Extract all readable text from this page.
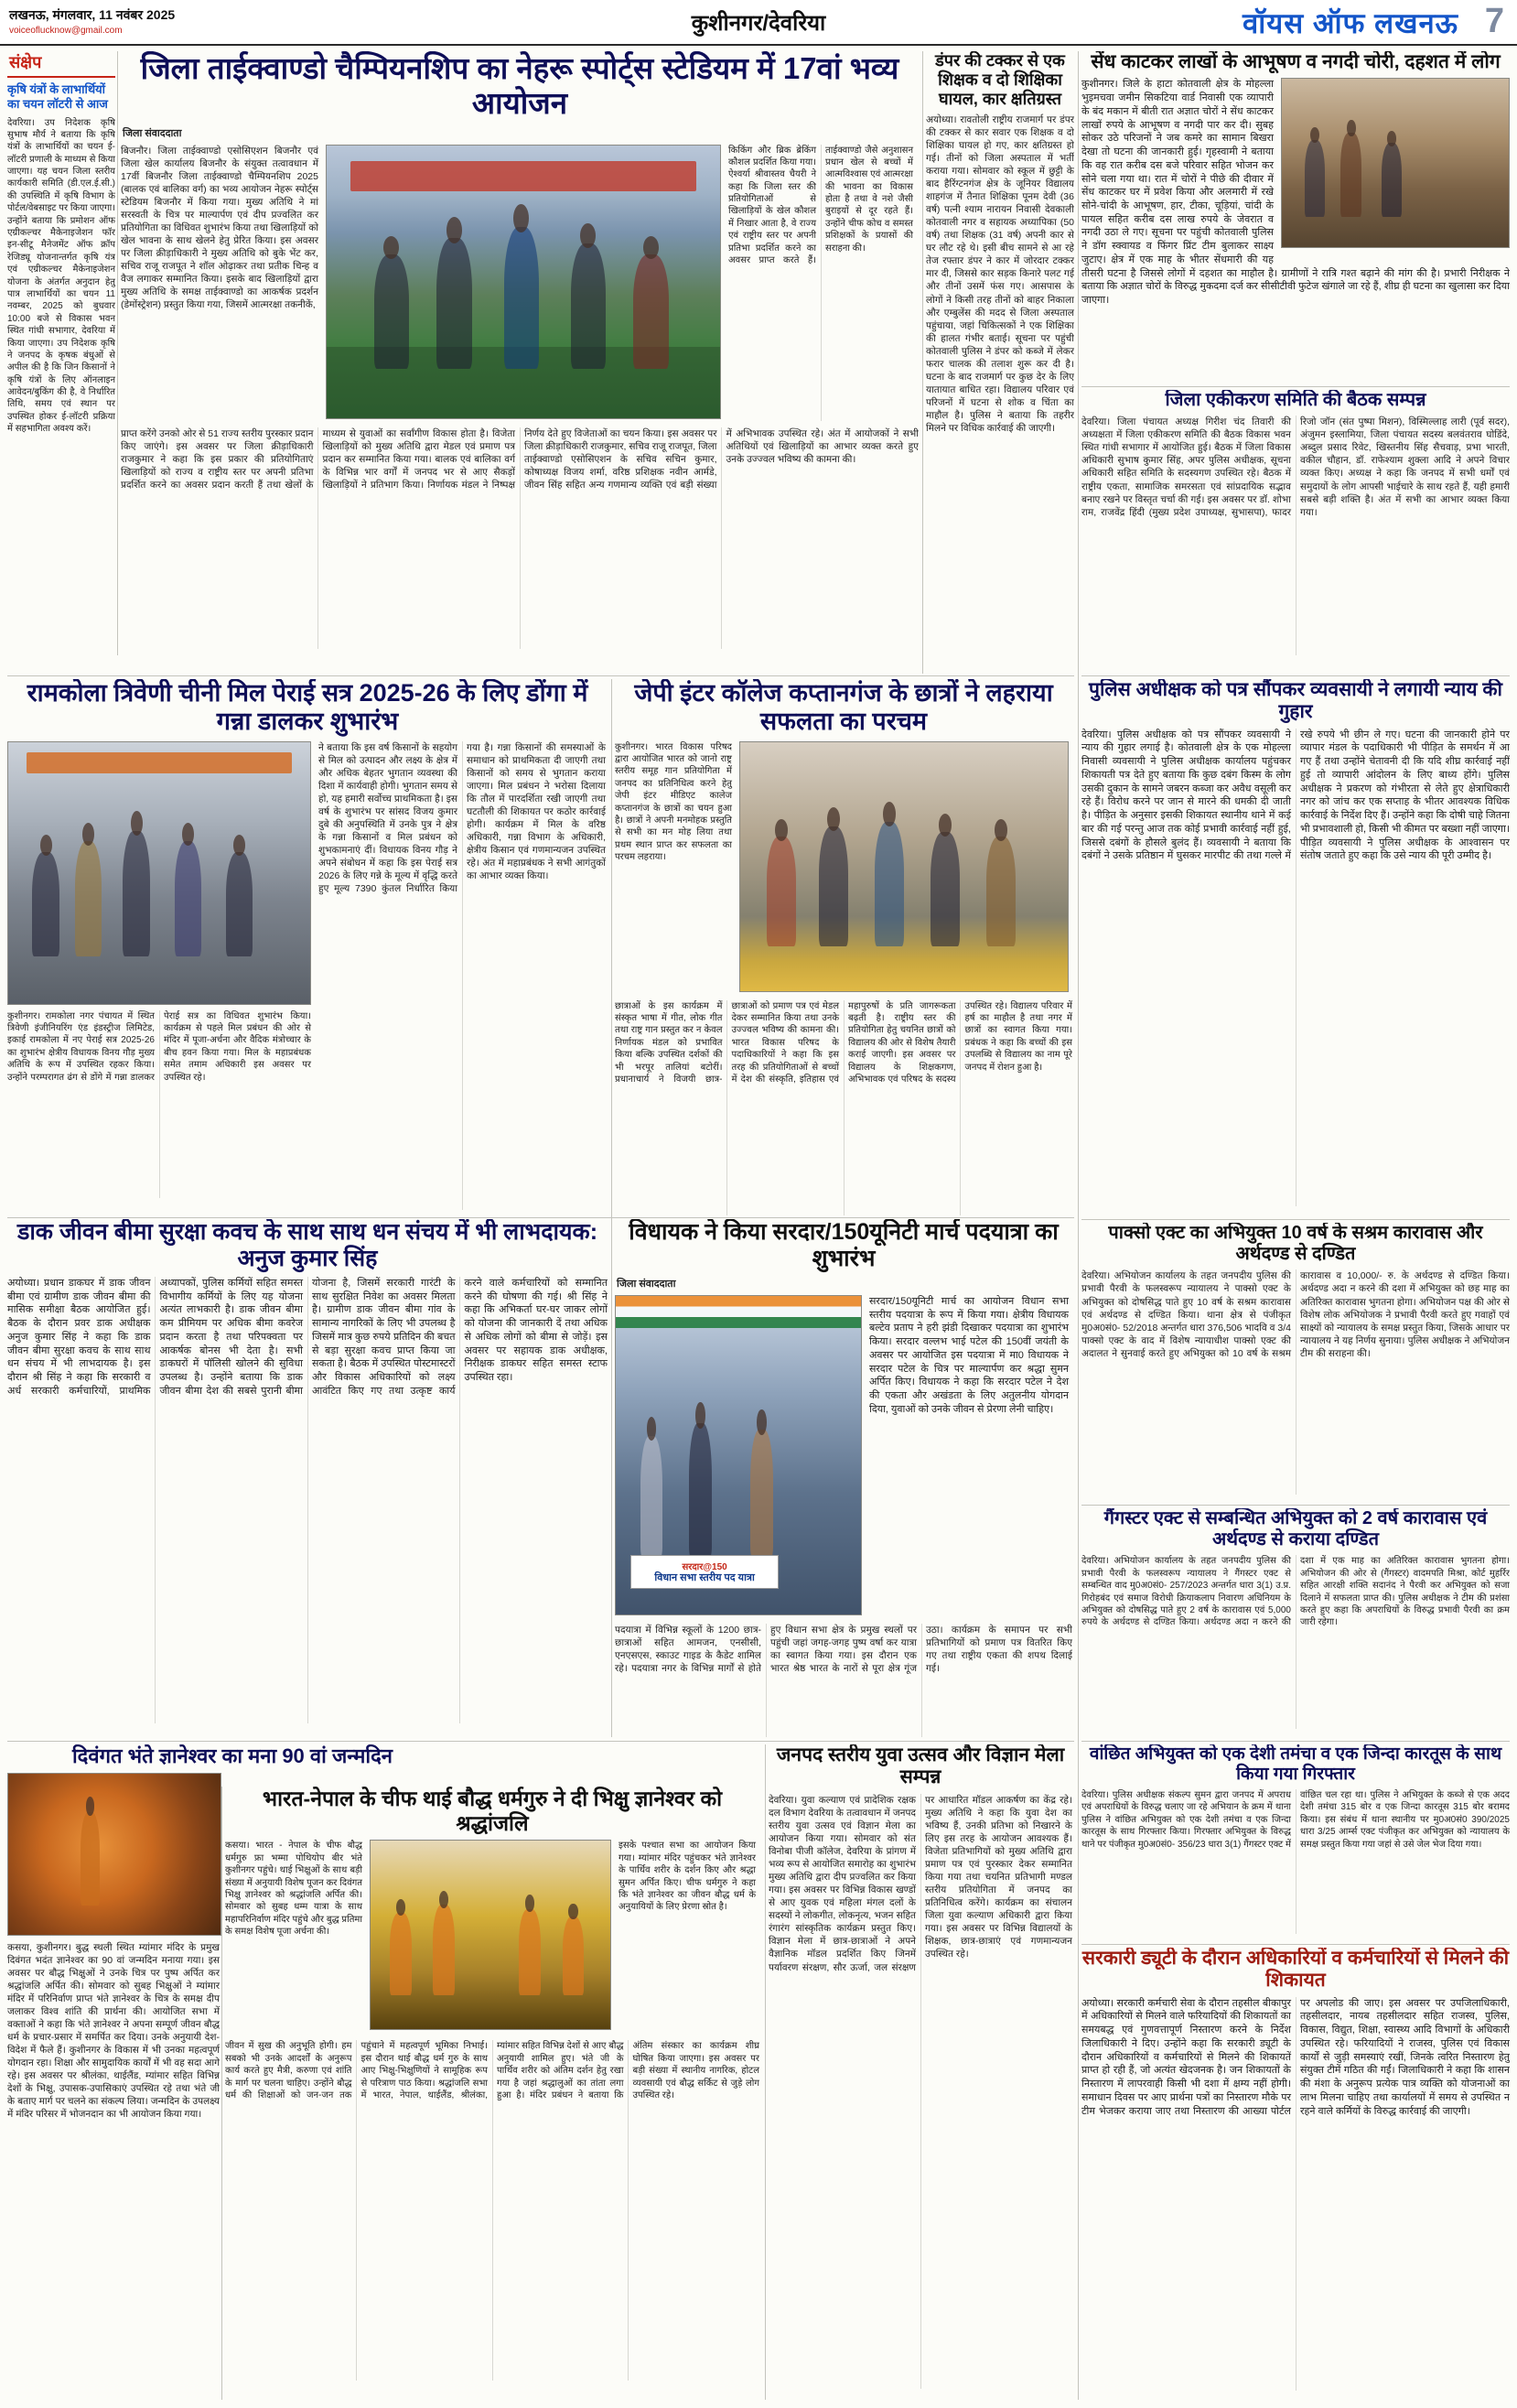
लखनऊ, मंगलवार, 11 नवंबर 2025
voiceoflucknow@gmail.com	कुशीनगर/देवरिया	वॉयस ऑफ लखनऊ 7
संक्षेप
कृषि यंत्रों के लाभार्थियों का चयन लॉटरी से आज
देवरिया। उप निदेशक कृषि सुभाष मौर्य ने बताया कि कृषि यंत्रों के लाभार्थियों का चयन ई-लॉटरी प्रणाली के माध्यम से किया जाएगा। यह चयन जिला स्तरीय कार्यकारी समिति (डी.एल.ई.सी.) की उपस्थिति में कृषि विभाग के पोर्टल/वेबसाइट पर किया जाएगा। उन्होंने बताया कि प्रमोशन ऑफ एग्रीकल्चर मैकेनाइजेशन फॉर इन-सीटू मैनेजमेंट ऑफ क्रॉप रेजिड्यू योजनान्तर्गत कृषि यंत्र एवं एग्रीकल्चर मैकेनाइजेशन योजना के अंतर्गत अनुदान हेतु पात्र लाभार्थियों का चयन 11 नवम्बर, 2025 को बुधवार 10:00 बजे से विकास भवन स्थित गांधी सभागार, देवरिया में किया जाएगा। उप निदेशक कृषि ने जनपद के कृषक बंधुओं से अपील की है कि जिन किसानों ने कृषि यंत्रों के लिए ऑनलाइन आवेदन/बुकिंग की है, वे निर्धारित तिथि, समय एवं स्थान पर उपस्थित होकर ई-लॉटरी प्रक्रिया में सहभागिता अवश्य करें।
जिला ताईक्वाण्डो चैम्पियनशिप का नेहरू स्पोर्ट्स स्टेडियम में 17वां भव्य आयोजन
जिला संवाददाता
बिजनौर। जिला ताईक्वाण्डो एसोसिएशन बिजनौर एवं जिला खेल कार्यालय बिजनौर के संयुक्त तत्वावधान में 17वीं बिजनौर जिला ताईक्वाण्डो चैम्पियनशिप 2025 (बालक एवं बालिका वर्ग) का भव्य आयोजन नेहरू स्पोर्ट्स स्टेडियम बिजनौर में किया गया। मुख्य अतिथि ने मां सरस्वती के चित्र पर माल्यार्पण एवं दीप प्रज्वलित कर प्रतियोगिता का विधिवत शुभारंभ किया तथा खिलाड़ियों को खेल भावना के साथ खेलने हेतु प्रेरित किया। इस अवसर पर जिला क्रीड़ाधिकारी ने मुख्य अतिथि को बुके भेंट कर, सचिव राजू राजपूत ने शॉल ओढ़ाकर तथा प्रतीक चिन्ह व वैज लगाकर सम्मानित किया। इसके बाद खिलाड़ियों द्वारा मुख्य अतिथि के समक्ष ताईक्वाण्डो का आकर्षक प्रदर्शन (डेमोंस्ट्रेशन) प्रस्तुत किया गया, जिसमें आत्मरक्षा तकनीकें,
किकिंग और ब्रिक ब्रेकिंग कौशल प्रदर्शित किया गया। ऐश्वर्या श्रीवास्तव चैयरी ने कहा कि जिला स्तर की प्रतियोगिताओं से खिलाड़ियों के खेल कौशल में निखार आता है, वे राज्य एवं राष्ट्रीय स्तर पर अपनी प्रतिभा प्रदर्शित करने का अवसर प्राप्त करते हैं। ताईक्वाण्डो जैसे अनुशासन प्रधान खेल से बच्चों में आत्मविश्वास एवं आत्मरक्षा की भावना का विकास होता है तथा वे नशे जैसी बुराइयों से दूर रहते हैं। उन्होंने चीफ कोच व समस्त प्रशिक्षकों के प्रयासों की सराहना की।
प्राप्त करेंगे उनको ओर से 51 राज्य स्तरीय पुरस्कार प्रदान किए जाएंगे। इस अवसर पर जिला क्रीड़ाधिकारी राजकुमार ने कहा कि इस प्रकार की प्रतियोगिताएं खिलाड़ियों को राज्य व राष्ट्रीय स्तर पर अपनी प्रतिभा प्रदर्शित करने का अवसर प्रदान करती हैं तथा खेलों के माध्यम से युवाओं का सर्वांगीण विकास होता है। विजेता खिलाड़ियों को मुख्य अतिथि द्वारा मेडल एवं प्रमाण पत्र प्रदान कर सम्मानित किया गया। बालक एवं बालिका वर्ग के विभिन्न भार वर्गों में जनपद भर से आए सैकड़ों खिलाड़ियों ने प्रतिभाग किया। निर्णायक मंडल ने निष्पक्ष निर्णय देते हुए विजेताओं का चयन किया। इस अवसर पर जिला क्रीड़ाधिकारी राजकुमार, सचिव राजू राजपूत, जिला ताईक्वाण्डो एसोसिएशन के सचिव सचिन कुमार, कोषाध्यक्ष विजय शर्मा, वरिष्ठ प्रशिक्षक नवीन आर्मडे, जीवन सिंह सहित अन्य गणमान्य व्यक्ति एवं बड़ी संख्या में अभिभावक उपस्थित रहे। अंत में आयोजकों ने सभी अतिथियों एवं खिलाड़ियों का आभार व्यक्त करते हुए उनके उज्ज्वल भविष्य की कामना की।
डंपर की टक्कर से एक शिक्षक व दो शिक्षिका घायल, कार क्षतिग्रस्त
अयोध्या। रावतोली राष्ट्रीय राजमार्ग पर डंपर की टक्कर से कार सवार एक शिक्षक व दो शिक्षिका घायल हो गए, कार क्षतिग्रस्त हो गई। तीनों को जिला अस्पताल में भर्ती कराया गया। सोमवार को स्कूल में छुट्टी के बाद हैरिंग्टनगंज क्षेत्र के जूनियर विद्यालय शाहगंज में तैनात शिक्षिका पूनम देवी (36 वर्ष) पत्नी श्याम नारायन निवासी देवकाली कोतवाली नगर व सहायक अध्यापिका (50 वर्ष) तथा शिक्षक (31 वर्ष) अपनी कार से घर लौट रहे थे। इसी बीच सामने से आ रहे तेज रफ्तार डंपर ने कार में जोरदार टक्कर मार दी, जिससे कार सड़क किनारे पलट गई और तीनों उसमें फंस गए। आसपास के लोगों ने किसी तरह तीनों को बाहर निकाला और एम्बुलेंस की मदद से जिला अस्पताल पहुंचाया, जहां चिकित्सकों ने एक शिक्षिका की हालत गंभीर बताई। सूचना पर पहुंची कोतवाली पुलिस ने डंपर को कब्जे में लेकर फरार चालक की तलाश शुरू कर दी है। घटना के बाद राजमार्ग पर कुछ देर के लिए यातायात बाधित रहा। विद्यालय परिवार एवं परिजनों में घटना से शोक व चिंता का माहौल है। पुलिस ने बताया कि तहरीर मिलने पर विधिक कार्रवाई की जाएगी।
सेंध काटकर लाखों के आभूषण व नगदी चोरी, दहशत में लोग
कुशीनगर। जिले के हाटा कोतवाली क्षेत्र के मोहल्ला भुइमचवा जमीन सिकटिया वार्ड निवासी एक व्यापारी के बंद मकान में बीती रात अज्ञात चोरों ने सेंध काटकर लाखों रुपये के आभूषण व नगदी पार कर दी। सुबह सोकर उठे परिजनों ने जब कमरे का सामान बिखरा देखा तो घटना की जानकारी हुई। गृहस्वामी ने बताया कि वह रात करीब दस बजे परिवार सहित भोजन कर सोने चला गया था। रात में चोरों ने पीछे की दीवार में सेंध काटकर घर में प्रवेश किया और अलमारी में रखे सोने-चांदी के आभूषण, हार, टीका, चूड़ियां, चांदी के पायल सहित करीब दस लाख रुपये के जेवरात व नगदी उठा ले गए। सूचना पर पहुंची कोतवाली पुलिस ने डॉग स्क्वायड व फिंगर प्रिंट टीम बुलाकर साक्ष्य जुटाए। क्षेत्र में एक माह के भीतर सेंधमारी की यह तीसरी घटना है जिससे लोगों में दहशत का माहौल है। ग्रामीणों ने रात्रि गश्त बढ़ाने की मांग की है। प्रभारी निरीक्षक ने बताया कि अज्ञात चोरों के विरुद्ध मुकदमा दर्ज कर सीसीटीवी फुटेज खंगाले जा रहे हैं, शीघ्र ही घटना का खुलासा कर दिया जाएगा।
जिला एकीकरण समिति की बैठक सम्पन्न
देवरिया। जिला पंचायत अध्यक्ष गिरीश चंद तिवारी की अध्यक्षता में जिला एकीकरण समिति की बैठक विकास भवन स्थित गांधी सभागार में आयोजित हुई। बैठक में जिला विकास अधिकारी सुभाष कुमार सिंह, अपर पुलिस अधीक्षक, सूचना अधिकारी सहित समिति के सदस्यगण उपस्थित रहे। बैठक में राष्ट्रीय एकता, सामाजिक समरसता एवं सांप्रदायिक सद्भाव बनाए रखने पर विस्तृत चर्चा की गई। इस अवसर पर डॉ. शोभा राम, राजवेंद्र हिंदी (मुख्य प्रदेश उपाध्यक्ष, सुभासपा), फादर रिजो जॉन (संत पुष्पा मिशन), विस्मिल्लाह लारी (पूर्व सदर), अंजुमन इस्लामिया, जिला पंचायत सदस्य बलवंतराव घोडिंदे, अब्दुल प्रसाद रिवेट, खिस्तनीय सिंह सैचवाड़, प्रभा भारती, वकील चौहान, डॉ. राफेश्याम शुक्ला आदि ने अपने विचार व्यक्त किए। अध्यक्ष ने कहा कि जनपद में सभी धर्मों एवं समुदायों के लोग आपसी भाईचारे के साथ रहते हैं, यही हमारी सबसे बड़ी शक्ति है। अंत में सभी का आभार व्यक्त किया गया।
पुलिस अधीक्षक को पत्र सौंपकर व्यवसायी ने लगायी न्याय की गुहार
देवरिया। पुलिस अधीक्षक को पत्र सौंपकर व्यवसायी ने न्याय की गुहार लगाई है। कोतवाली क्षेत्र के एक मोहल्ला निवासी व्यवसायी ने पुलिस अधीक्षक कार्यालय पहुंचकर शिकायती पत्र देते हुए बताया कि कुछ दबंग किस्म के लोग उसकी दुकान के सामने जबरन कब्जा कर अवैध वसूली कर रहे हैं। विरोध करने पर जान से मारने की धमकी दी जाती है। पीड़ित के अनुसार इसकी शिकायत स्थानीय थाने में कई बार की गई परन्तु आज तक कोई प्रभावी कार्रवाई नहीं हुई, जिससे दबंगों के हौसले बुलंद हैं। व्यवसायी ने बताया कि दबंगों ने उसके प्रतिष्ठान में घुसकर मारपीट की तथा गल्ले में रखे रुपये भी छीन ले गए। घटना की जानकारी होने पर व्यापार मंडल के पदाधिकारी भी पीड़ित के समर्थन में आ गए हैं तथा उन्होंने चेतावनी दी कि यदि शीघ्र कार्रवाई नहीं हुई तो व्यापारी आंदोलन के लिए बाध्य होंगे। पुलिस अधीक्षक ने प्रकरण को गंभीरता से लेते हुए क्षेत्राधिकारी नगर को जांच कर एक सप्ताह के भीतर आवश्यक विधिक कार्रवाई के निर्देश दिए हैं। उन्होंने कहा कि दोषी चाहे जितना भी प्रभावशाली हो, किसी भी कीमत पर बख्शा नहीं जाएगा। पीड़ित व्यवसायी ने पुलिस अधीक्षक के आश्वासन पर संतोष जताते हुए कहा कि उसे न्याय की पूरी उम्मीद है।
पाक्सो एक्ट का अभियुक्त 10 वर्ष के सश्रम कारावास और अर्थदण्ड से दण्डित
देवरिया। अभियोजन कार्यालय के तहत जनपदीय पुलिस की प्रभावी पैरवी के फलस्वरूप न्यायालय ने पाक्सो एक्ट के अभियुक्त को दोषसिद्ध पाते हुए 10 वर्ष के सश्रम कारावास एवं अर्थदण्ड से दण्डित किया। थाना क्षेत्र से पंजीकृत मु0अ0सं0- 52/2018 अन्तर्गत धारा 376,506 भादवि व 3/4 पाक्सो एक्ट के वाद में विशेष न्यायाधीश पाक्सो एक्ट की अदालत ने सुनवाई करते हुए अभियुक्त को 10 वर्ष के सश्रम कारावास व 10,000/- रु. के अर्थदण्ड से दण्डित किया। अर्थदण्ड अदा न करने की दशा में अभियुक्त को छह माह का अतिरिक्त कारावास भुगतना होगा। अभियोजन पक्ष की ओर से विशेष लोक अभियोजक ने प्रभावी पैरवी करते हुए गवाहों एवं साक्ष्यों को न्यायालय के समक्ष प्रस्तुत किया, जिसके आधार पर न्यायालय ने यह निर्णय सुनाया। पुलिस अधीक्षक ने अभियोजन टीम की सराहना की।
गैंगस्टर एक्ट से सम्बन्धित अभियुक्त को 2 वर्ष कारावास एवं अर्थदण्ड से कराया दण्डित
देवरिया। अभियोजन कार्यालय के तहत जनपदीय पुलिस की प्रभावी पैरवी के फलस्वरूप न्यायालय ने गैंगस्टर एक्ट से सम्बन्धित वाद मु0अ0सं0- 257/2023 अन्तर्गत धारा 3(1) उ.प्र. गिरोहबंद एवं समाज विरोधी क्रियाकलाप निवारण अधिनियम के अभियुक्त को दोषसिद्ध पाते हुए 2 वर्ष के कारावास एवं 5,000 रुपये के अर्थदण्ड से दण्डित किया। अर्थदण्ड अदा न करने की दशा में एक माह का अतिरिक्त कारावास भुगतना होगा। अभियोजन की ओर से (गैंगस्टर) वादमपति मिश्रा, कोर्ट मुहर्रिर सहित आरक्षी शक्ति सदानंद ने पैरवी कर अभियुक्त को सजा दिलाने में सफलता प्राप्त की। पुलिस अधीक्षक ने टीम की प्रशंसा करते हुए कहा कि अपराधियों के विरुद्ध प्रभावी पैरवी का क्रम जारी रहेगा।
वांछित अभियुक्त को एक देशी तमंचा व एक जिन्दा कारतूस के साथ किया गया गिरफ्तार
देवरिया। पुलिस अधीक्षक संकल्प सुमन द्वारा जनपद में अपराध एवं अपराधियों के विरुद्ध चलाए जा रहे अभियान के क्रम में थाना पुलिस ने वांछित अभियुक्त को एक देशी तमंचा व एक जिन्दा कारतूस के साथ गिरफ्तार किया। गिरफ्तार अभियुक्त के विरुद्ध थाने पर पंजीकृत मु0अ0सं0- 356/23 धारा 3(1) गैंगस्टर एक्ट में वांछित चल रहा था। पुलिस ने अभियुक्त के कब्जे से एक अदद देशी तमंचा 315 बोर व एक जिन्दा कारतूस 315 बोर बरामद किया। इस संबंध में थाना स्थानीय पर मु0अ0सं0 390/2025 धारा 3/25 आर्म्स एक्ट पंजीकृत कर अभियुक्त को न्यायालय के समक्ष प्रस्तुत किया गया जहां से उसे जेल भेज दिया गया।
सरकारी ड्यूटी के दौरान अधिकारियों व कर्मचारियों से मिलने की शिकायत
अयोध्या। सरकारी कर्मचारी सेवा के दौरान तहसील बीकापुर में अधिकारियों से मिलने वाले फरियादियों की शिकायतों का समयबद्ध एवं गुणवत्तापूर्ण निस्तारण करने के निर्देश जिलाधिकारी ने दिए। उन्होंने कहा कि सरकारी ड्यूटी के दौरान अधिकारियों व कर्मचारियों से मिलने की शिकायतें प्राप्त हो रही हैं, जो अत्यंत खेदजनक है। जन शिकायतों के निस्तारण में लापरवाही किसी भी दशा में क्षम्य नहीं होगी। समाधान दिवस पर आए प्रार्थना पत्रों का निस्तारण मौके पर टीम भेजकर कराया जाए तथा निस्तारण की आख्या पोर्टल पर अपलोड की जाए। इस अवसर पर उपजिलाधिकारी, तहसीलदार, नायब तहसीलदार सहित राजस्व, पुलिस, विकास, विद्युत, शिक्षा, स्वास्थ्य आदि विभागों के अधिकारी उपस्थित रहे। फरियादियों ने राजस्व, पुलिस एवं विकास कार्यों से जुड़ी समस्याएं रखीं, जिनके त्वरित निस्तारण हेतु संयुक्त टीमें गठित की गईं। जिलाधिकारी ने कहा कि शासन की मंशा के अनुरूप प्रत्येक पात्र व्यक्ति को योजनाओं का लाभ मिलना चाहिए तथा कार्यालयों में समय से उपस्थित न रहने वाले कर्मियों के विरुद्ध कार्रवाई की जाएगी।
रामकोला त्रिवेणी चीनी मिल पेराई सत्र 2025-26 के लिए डोंगा में गन्ना डालकर शुभारंभ
कुशीनगर। रामकोला नगर पंचायत में स्थित त्रिवेणी इंजीनियरिंग एंड इंडस्ट्रीज लिमिटेड, इकाई रामकोला में नए पेराई सत्र 2025-26 का शुभारंभ क्षेत्रीय विधायक विनय गौड़ मुख्य अतिथि के रूप में उपस्थित रहकर किया। उन्होंने परम्परागत ढंग से डोंगे में गन्ना डालकर पेराई सत्र का विधिवत शुभारंभ किया। कार्यक्रम से पहले मिल प्रबंधन की ओर से मंदिर में पूजा-अर्चना और वैदिक मंत्रोच्चार के बीच हवन किया गया। मिल के महाप्रबंधक समेत तमाम अधिकारी इस अवसर पर उपस्थित रहे।
ने बताया कि इस वर्ष किसानों के सहयोग से मिल को उत्पादन और लक्ष्य के क्षेत्र में और अधिक बेहतर भुगतान व्यवस्था की दिशा में कार्यवाही होगी। भुगतान समय से हो, यह हमारी सर्वोच्च प्राथमिकता है। इस वर्ष के शुभारंभ पर सांसद विजय कुमार दुबे की अनुपस्थिति में उनके पुत्र ने क्षेत्र के गन्ना किसानों व मिल प्रबंधन को शुभकामनाएं दीं। विधायक विनय गौड़ ने अपने संबोधन में कहा कि इस पेराई सत्र 2026 के लिए गन्ने के मूल्य में वृद्धि करते हुए मूल्य 7390 कुंतल निर्धारित किया गया है। गन्ना किसानों की समस्याओं के समाधान को प्राथमिकता दी जाएगी तथा किसानों को समय से भुगतान कराया जाएगा। मिल प्रबंधन ने भरोसा दिलाया कि तौल में पारदर्शिता रखी जाएगी तथा घटतौली की शिकायत पर कठोर कार्रवाई होगी। कार्यक्रम में मिल के वरिष्ठ अधिकारी, गन्ना विभाग के अधिकारी, क्षेत्रीय किसान एवं गणमान्यजन उपस्थित रहे। अंत में महाप्रबंधक ने सभी आगंतुकों का आभार व्यक्त किया।
जेपी इंटर कॉलेज कप्तानगंज के छात्रों ने लहराया सफलता का परचम
कुशीनगर। भारत विकास परिषद द्वारा आयोजित भारत को जानो राष्ट्र स्तरीय समूह गान प्रतियोगिता में जनपद का प्रतिनिधित्व करने हेतु जेपी इंटर मीडिएट कालेज कप्तानगंज के छात्रों का चयन हुआ है। छात्रों ने अपनी मनमोहक प्रस्तुति से सभी का मन मोह लिया तथा प्रथम स्थान प्राप्त कर सफलता का परचम लहराया।
छात्राओं के इस कार्यक्रम में संस्कृत भाषा में गीत, लोक गीत तथा राष्ट्र गान प्रस्तुत कर न केवल निर्णायक मंडल को प्रभावित किया बल्कि उपस्थित दर्शकों की भी भरपूर तालियां बटोरीं। प्रधानाचार्य ने विजयी छात्र-छात्राओं को प्रमाण पत्र एवं मेडल देकर सम्मानित किया तथा उनके उज्ज्वल भविष्य की कामना की। भारत विकास परिषद के पदाधिकारियों ने कहा कि इस तरह की प्रतियोगिताओं से बच्चों में देश की संस्कृति, इतिहास एवं महापुरुषों के प्रति जागरूकता बढ़ती है। राष्ट्रीय स्तर की प्रतियोगिता हेतु चयनित छात्रों को विद्यालय की ओर से विशेष तैयारी कराई जाएगी। इस अवसर पर विद्यालय के शिक्षकगण, अभिभावक एवं परिषद के सदस्य उपस्थित रहे। विद्यालय परिवार में हर्ष का माहौल है तथा नगर में छात्रों का स्वागत किया गया। प्रबंधक ने कहा कि बच्चों की इस उपलब्धि से विद्यालय का नाम पूरे जनपद में रोशन हुआ है।
डाक जीवन बीमा सुरक्षा कवच के साथ साथ धन संचय में भी लाभदायक: अनुज कुमार सिंह
अयोध्या। प्रधान डाकघर में डाक जीवन बीमा एवं ग्रामीण डाक जीवन बीमा की मासिक समीक्षा बैठक आयोजित हुई। बैठक के दौरान प्रवर डाक अधीक्षक अनुज कुमार सिंह ने कहा कि डाक जीवन बीमा सुरक्षा कवच के साथ साथ धन संचय में भी लाभदायक है। इस दौरान श्री सिंह ने कहा कि सरकारी व अर्ध सरकारी कर्मचारियों, प्राथमिक अध्यापकों, पुलिस कर्मियों सहित समस्त विभागीय कर्मियों के लिए यह योजना अत्यंत लाभकारी है। डाक जीवन बीमा कम प्रीमियम पर अधिक बीमा कवरेज प्रदान करता है तथा परिपक्वता पर आकर्षक बोनस भी देता है। सभी डाकघरों में पॉलिसी खोलने की सुविधा उपलब्ध है। उन्होंने बताया कि डाक जीवन बीमा देश की सबसे पुरानी बीमा योजना है, जिसमें सरकारी गारंटी के साथ सुरक्षित निवेश का अवसर मिलता है। ग्रामीण डाक जीवन बीमा गांव के सामान्य नागरिकों के लिए भी उपलब्ध है जिसमें मात्र कुछ रुपये प्रतिदिन की बचत से बड़ा सुरक्षा कवच प्राप्त किया जा सकता है। बैठक में उपस्थित पोस्टमास्टरों और विकास अधिकारियों को लक्ष्य आवंटित किए गए तथा उत्कृष्ट कार्य करने वाले कर्मचारियों को सम्मानित करने की घोषणा की गई। श्री सिंह ने कहा कि अभिकर्ता घर-घर जाकर लोगों को योजना की जानकारी दें तथा अधिक से अधिक लोगों को बीमा से जोड़ें। इस अवसर पर सहायक डाक अधीक्षक, निरीक्षक डाकघर सहित समस्त स्टाफ उपस्थित रहा।
विधायक ने किया सरदार/150यूनिटी मार्च पदयात्रा का शुभारंभ
जिला संवाददाता
सरदार@150
विधान सभा स्तरीय पद यात्रा
सरदार/150यूनिटी मार्च का आयोजन विधान सभा स्तरीय पदयात्रा के रूप में किया गया। क्षेत्रीय विधायक बल्टेव प्रताप ने हरी झंडी दिखाकर पदयात्रा का शुभारंभ किया। सरदार वल्लभ भाई पटेल की 150वीं जयंती के अवसर पर आयोजित इस पदयात्रा में मा0 विधायक ने सरदार पटेल के चित्र पर माल्यार्पण कर श्रद्धा सुमन अर्पित किए। विधायक ने कहा कि सरदार पटेल ने देश की एकता और अखंडता के लिए अतुलनीय योगदान दिया, युवाओं को उनके जीवन से प्रेरणा लेनी चाहिए।
पदयात्रा में विभिन्न स्कूलों के 1200 छात्र-छात्राओं सहित आमजन, एनसीसी, एनएसएस, स्काउट गाइड के कैडेट शामिल रहे। पदयात्रा नगर के विभिन्न मार्गों से होते हुए विधान सभा क्षेत्र के प्रमुख स्थलों पर पहुंची जहां जगह-जगह पुष्प वर्षा कर यात्रा का स्वागत किया गया। इस दौरान एक भारत श्रेष्ठ भारत के नारों से पूरा क्षेत्र गूंज उठा। कार्यक्रम के समापन पर सभी प्रतिभागियों को प्रमाण पत्र वितरित किए गए तथा राष्ट्रीय एकता की शपथ दिलाई गई।
दिवंगत भंते ज्ञानेश्वर का मना 90 वां जन्मदिन
कसया, कुशीनगर। बुद्ध स्थली स्थित म्यांमार मंदिर के प्रमुख दिवंगत भदंत ज्ञानेश्वर का 90 वां जन्मदिन मनाया गया। इस अवसर पर बौद्ध भिक्षुओं ने उनके चित्र पर पुष्प अर्पित कर श्रद्धांजलि अर्पित की। सोमवार को सुबह भिक्षुओं ने म्यांमार मंदिर में परिनिर्वाण प्राप्त भंते ज्ञानेश्वर के चित्र के समक्ष दीप जलाकर विश्व शांति की प्रार्थना की। आयोजित सभा में वक्ताओं ने कहा कि भंते ज्ञानेश्वर ने अपना सम्पूर्ण जीवन बौद्ध धर्म के प्रचार-प्रसार में समर्पित कर दिया। उनके अनुयायी देश-विदेश में फैले हैं। कुशीनगर के विकास में भी उनका महत्वपूर्ण योगदान रहा। शिक्षा और सामुदायिक कार्यों में भी वह सदा आगे रहे। इस अवसर पर श्रीलंका, थाईलैंड, म्यांमार सहित विभिन्न देशों के भिक्षु, उपासक-उपासिकाएं उपस्थित रहे तथा भंते जी के बताए मार्ग पर चलने का संकल्प लिया। जन्मदिन के उपलक्ष्य में मंदिर परिसर में भोजनदान का भी आयोजन किया गया।
भारत-नेपाल के चीफ थाई बौद्ध धर्मगुरु ने दी भिक्षु ज्ञानेश्वर को श्रद्धांजलि
कसया। भारत - नेपाल के चीफ बौद्ध धर्मगुरु फ्रा भम्मा पोथियोप बीर भंते कुशीनगर पहुंचे। थाई भिक्षुओं के साथ बड़ी संख्या में अनुयायी विशेष पूजन कर दिवंगत भिक्षु ज्ञानेश्वर को श्रद्धांजलि अर्पित की। सोमवार को सुबह धम्म यात्रा के साथ महापरिनिर्वाण मंदिर पहुंचे और बुद्ध प्रतिमा के समक्ष विशेष पूजा अर्चना की।
इसके पश्चात सभा का आयोजन किया गया। म्यांमार मंदिर पहुंचकर भंते ज्ञानेश्वर के पार्थिव शरीर के दर्शन किए और श्रद्धा सुमन अर्पित किए। चीफ धर्मगुरु ने कहा कि भंते ज्ञानेश्वर का जीवन बौद्ध धर्म के अनुयायियों के लिए प्रेरणा स्रोत है।
जीवन में सुख की अनुभूति होगी। हम सबको भी उनके आदर्शों के अनुरूप कार्य करते हुए मैत्री, करुणा एवं शांति के मार्ग पर चलना चाहिए। उन्होंने बौद्ध धर्म की शिक्षाओं को जन-जन तक पहुंचाने में महत्वपूर्ण भूमिका निभाई। इस दौरान थाई बौद्ध धर्म गुरु के साथ आए भिक्षु-भिक्षुणियों ने सामूहिक रूप से परित्राण पाठ किया। श्रद्धांजलि सभा में भारत, नेपाल, थाईलैंड, श्रीलंका, म्यांमार सहित विभिन्न देशों से आए बौद्ध अनुयायी शामिल हुए। भंते जी के पार्थिव शरीर को अंतिम दर्शन हेतु रखा गया है जहां श्रद्धालुओं का तांता लगा हुआ है। मंदिर प्रबंधन ने बताया कि अंतिम संस्कार का कार्यक्रम शीघ्र घोषित किया जाएगा। इस अवसर पर बड़ी संख्या में स्थानीय नागरिक, होटल व्यवसायी एवं बौद्ध सर्किट से जुड़े लोग उपस्थित रहे।
जनपद स्तरीय युवा उत्सव और विज्ञान मेला सम्पन्न
देवरिया। युवा कल्याण एवं प्रादेशिक रक्षक दल विभाग देवरिया के तत्वावधान में जनपद स्तरीय युवा उत्सव एवं विज्ञान मेला का आयोजन किया गया। सोमवार को संत विनोबा पीजी कॉलेज, देवरिया के प्रांगण में भव्य रूप से आयोजित समारोह का शुभारंभ मुख्य अतिथि द्वारा दीप प्रज्वलित कर किया गया। इस अवसर पर विभिन्न विकास खण्डों से आए युवक एवं महिला मंगल दलों के सदस्यों ने लोकगीत, लोकनृत्य, भजन सहित रंगारंग सांस्कृतिक कार्यक्रम प्रस्तुत किए। विज्ञान मेला में छात्र-छात्राओं ने अपने वैज्ञानिक मॉडल प्रदर्शित किए जिनमें पर्यावरण संरक्षण, सौर ऊर्जा, जल संरक्षण पर आधारित मॉडल आकर्षण का केंद्र रहे। मुख्य अतिथि ने कहा कि युवा देश का भविष्य हैं, उनकी प्रतिभा को निखारने के लिए इस तरह के आयोजन आवश्यक हैं। विजेता प्रतिभागियों को मुख्य अतिथि द्वारा प्रमाण पत्र एवं पुरस्कार देकर सम्मानित किया गया तथा चयनित प्रतिभागी मण्डल स्तरीय प्रतियोगिता में जनपद का प्रतिनिधित्व करेंगे। कार्यक्रम का संचालन जिला युवा कल्याण अधिकारी द्वारा किया गया। इस अवसर पर विभिन्न विद्यालयों के शिक्षक, छात्र-छात्राएं एवं गणमान्यजन उपस्थित रहे।
